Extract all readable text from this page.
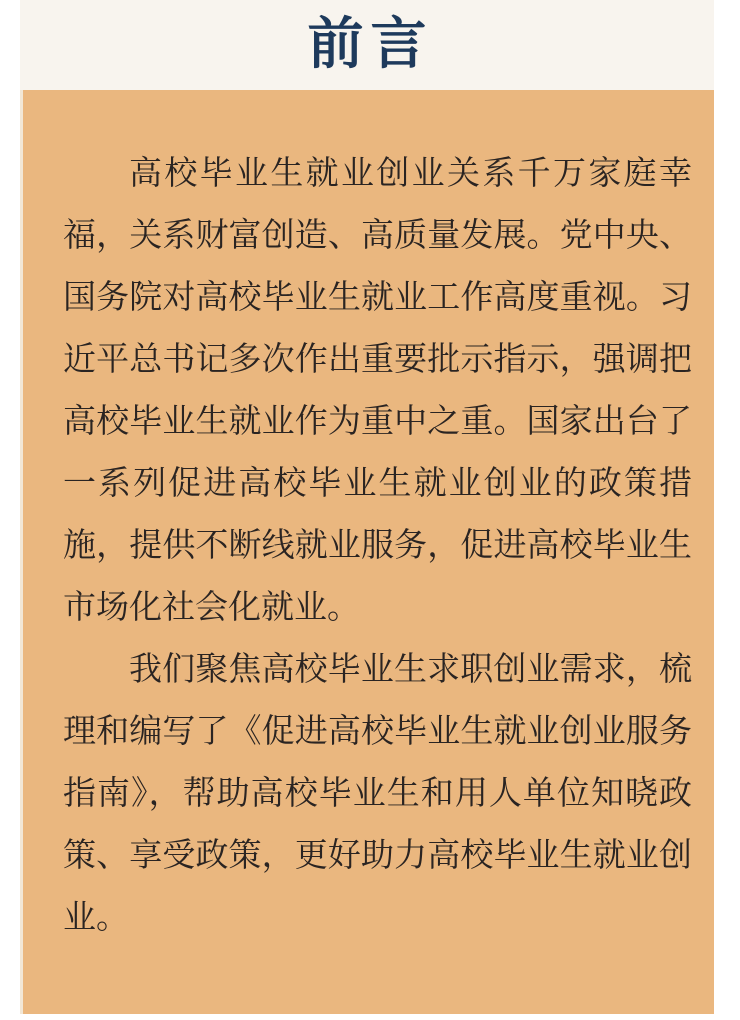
前言

高校毕业生就业创业关系千万家庭幸福，关系财富创造、高质量发展。党中央、国务院对高校毕业生就业工作高度重视。习近平总书记多次作出重要批示指示，强调把高校毕业生就业作为重中之重。国家出台了一系列促进高校毕业生就业创业的政策措施，提供不断线就业服务，促进高校毕业生市场化社会化就业。

我们聚焦高校毕业生求职创业需求，梳理和编写了《促进高校毕业生就业创业服务指南》，帮助高校毕业生和用人单位知晓政策、享受政策，更好助力高校毕业生就业创业。
